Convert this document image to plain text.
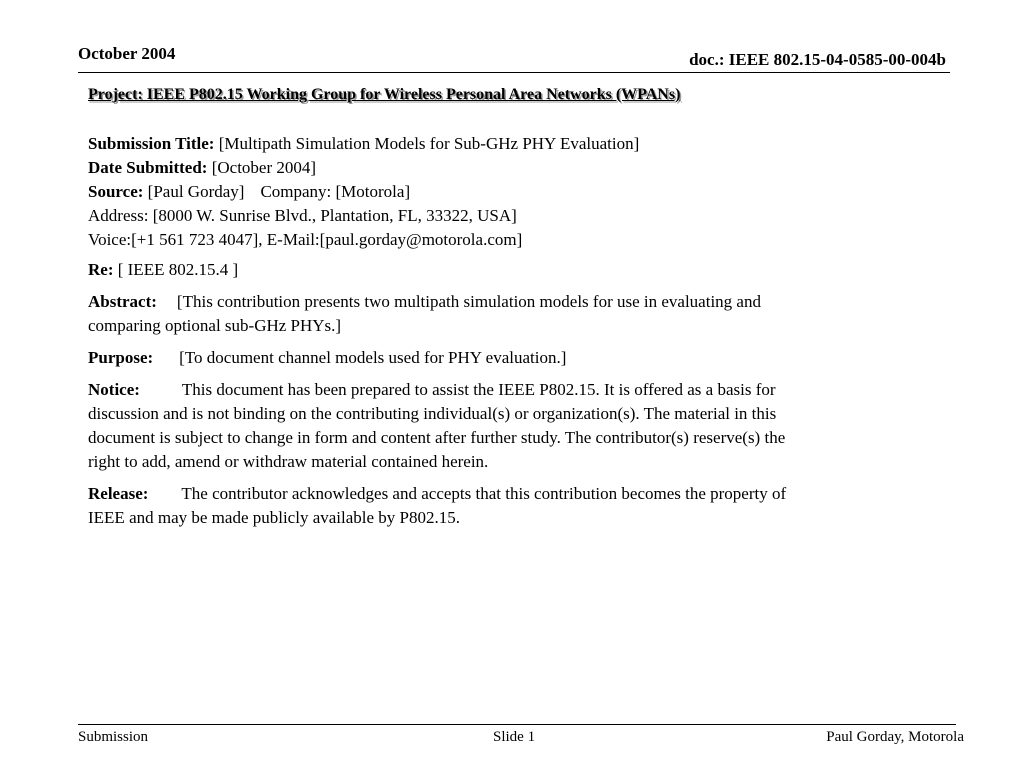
October 2004	doc.: IEEE 802.15-04-0585-00-004b
Project: IEEE P802.15 Working Group for Wireless Personal Area Networks (WPANs)
Submission Title: [Multipath Simulation Models for Sub-GHz PHY Evaluation]
Date Submitted: [October 2004]
Source: [Paul Gorday] Company: [Motorola]
Address: [8000 W. Sunrise Blvd., Plantation, FL, 33322, USA]
Voice:[+1 561 723 4047], E-Mail:[paul.gorday@motorola.com]
Re: [ IEEE 802.15.4 ]
Abstract: [This contribution presents two multipath simulation models for use in evaluating and
comparing optional sub-GHz PHYs.]
Purpose: [To document channel models used for PHY evaluation.]
Notice: This document has been prepared to assist the IEEE P802.15. It is offered as a basis for
discussion and is not binding on the contributing individual(s) or organization(s). The material in this
document is subject to change in form and content after further study. The contributor(s) reserve(s) the
right to add, amend or withdraw material contained herein.
Release: The contributor acknowledges and accepts that this contribution becomes the property of
IEEE and may be made publicly available by P802.15.
Submission	Slide 1	Paul Gorday, Motorola
